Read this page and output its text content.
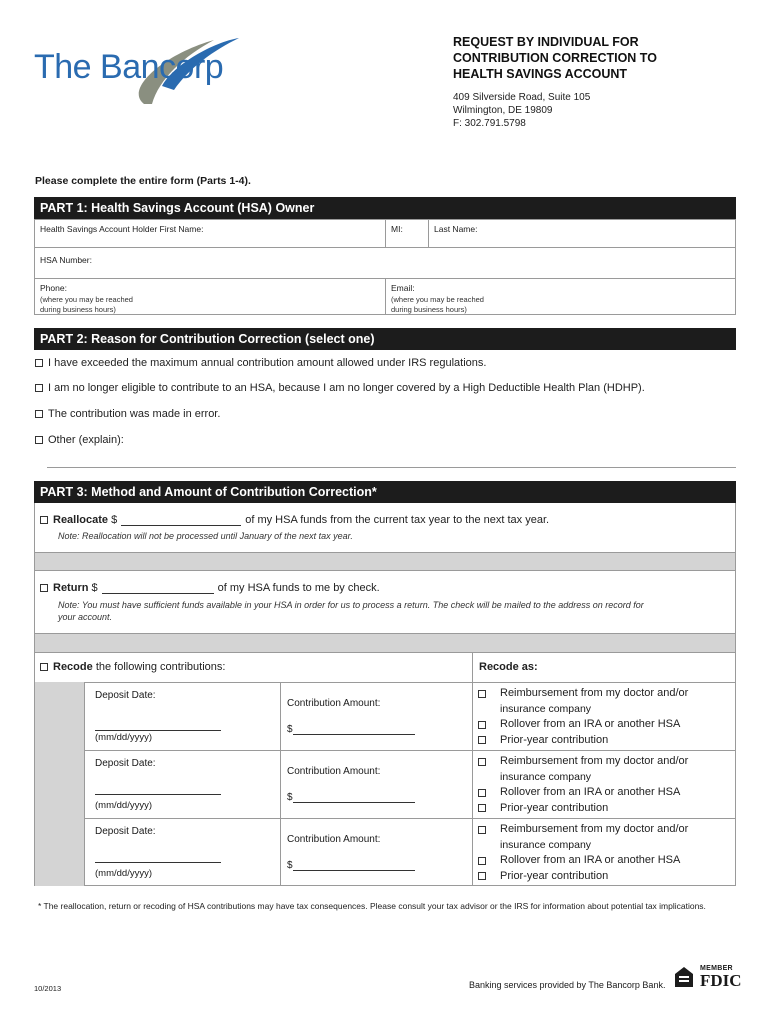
The Bancorp
REQUEST BY INDIVIDUAL FOR
CONTRIBUTION CORRECTION TO
HEALTH SAVINGS ACCOUNT
409 Silverside Road, Suite 105
Wilmington, DE 19809
F: 302.791.5798
Please complete the entire form (Parts 1-4).
PART 1: Health Savings Account (HSA) Owner
Health Savings Account Holder First Name:	MI:	Last Name:
HSA Number:
Phone:
(where you may be reached
during business hours)
Email:
(where you may be reached
during business hours)
PART 2: Reason for Contribution Correction (select one)
I have exceeded the maximum annual contribution amount allowed under IRS regulations.
I am no longer eligible to contribute to an HSA, because I am no longer covered by a High Deductible Health Plan (HDHP).
The contribution was made in error.
Other (explain):
PART 3: Method and Amount of Contribution Correction*
Reallocate
$	of my HSA funds from the current tax year to the next tax year.
Note: Reallocation will not be processed until January of the next tax year.
Return
$	of my HSA funds to me by check.
Note: You must have sufficient funds available in your HSA in order for us to process a return. The check will be mailed to the address on record for
your account.
Recode
the following contributions:	Recode as:
Deposit Date:
(mm/dd/yyyy)
Contribution Amount:
$
Reimbursement from my doctor and/or
insurance company
Rollover from an IRA or another HSA
Prior-year contribution
Deposit Date:
(mm/dd/yyyy)
Contribution Amount:
$
Reimbursement from my doctor and/or
insurance company
Rollover from an IRA or another HSA
Prior-year contribution
Deposit Date:
(mm/dd/yyyy)
Contribution Amount:
$
Reimbursement from my doctor and/or
insurance company
Rollover from an IRA or another HSA
Prior-year contribution
* The reallocation, return or recoding of HSA contributions may have tax consequences. Please consult your tax advisor or the IRS for information about potential tax implications.
10/2013	Banking services provided by The Bancorp Bank.
MEMBER
FDIC
